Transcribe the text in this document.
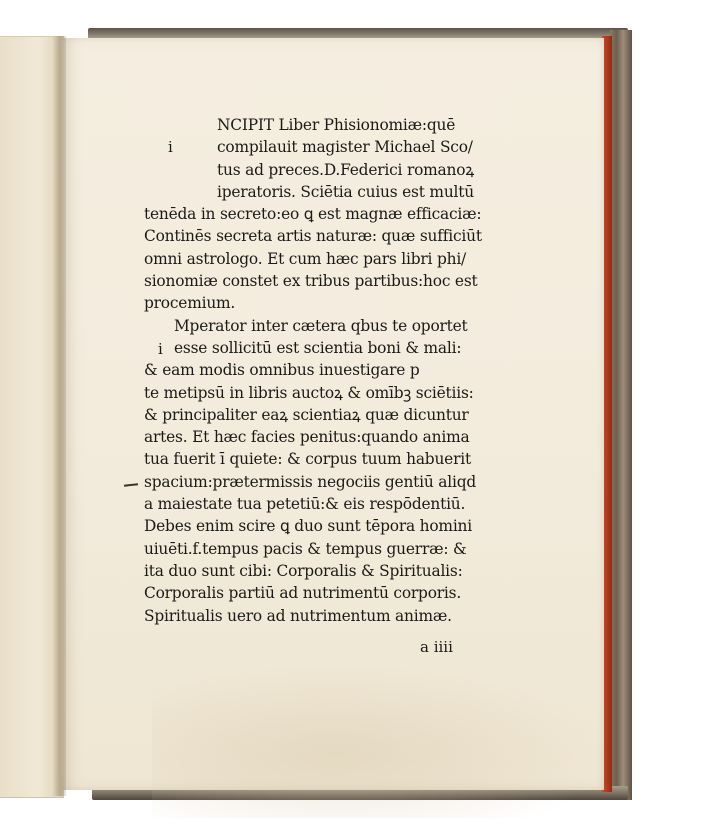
i
i
NCIPIT Liber Phisionomiæ:quē
compilauit magister Michael Sco/
tus ad preces.D.Federici romanoꝝ
iperatoris. Sciētia cuius est multū
tenēda in secreto:eo ꝗ est magnæ efficaciæ:
Continēs secreta artis naturæ: quæ sufficiūt
omni astrologo. Et cum hæc pars libri phi/
sionomiæ constet ex tribus partibus:hoc est
procemium.
Mperator inter cætera qbus te oportet
esse sollicitū est scientia boni & mali:
& eam modis omnibus inuestigare p
te metipsū in libris auctoꝝ & omībꝫ sciētiis:
& principaliter eaꝝ scientiaꝝ quæ dicuntur
artes. Et hæc facies penitus:quando anima
tua fuerit ī quiete: & corpus tuum habuerit
spacium:prætermissis negociis gentiū aliqd
a maiestate tua petetiū:& eis respōdentiū.
Debes enim scire ꝗ duo sunt tēpora homini
uiuēti.f.tempus pacis & tempus guerræ: &
ita duo sunt cibi: Corporalis & Spiritualis:
Corporalis partiū ad nutrimentū corporis.
Spiritualis uero ad nutrimentum animæ.
a iiii
